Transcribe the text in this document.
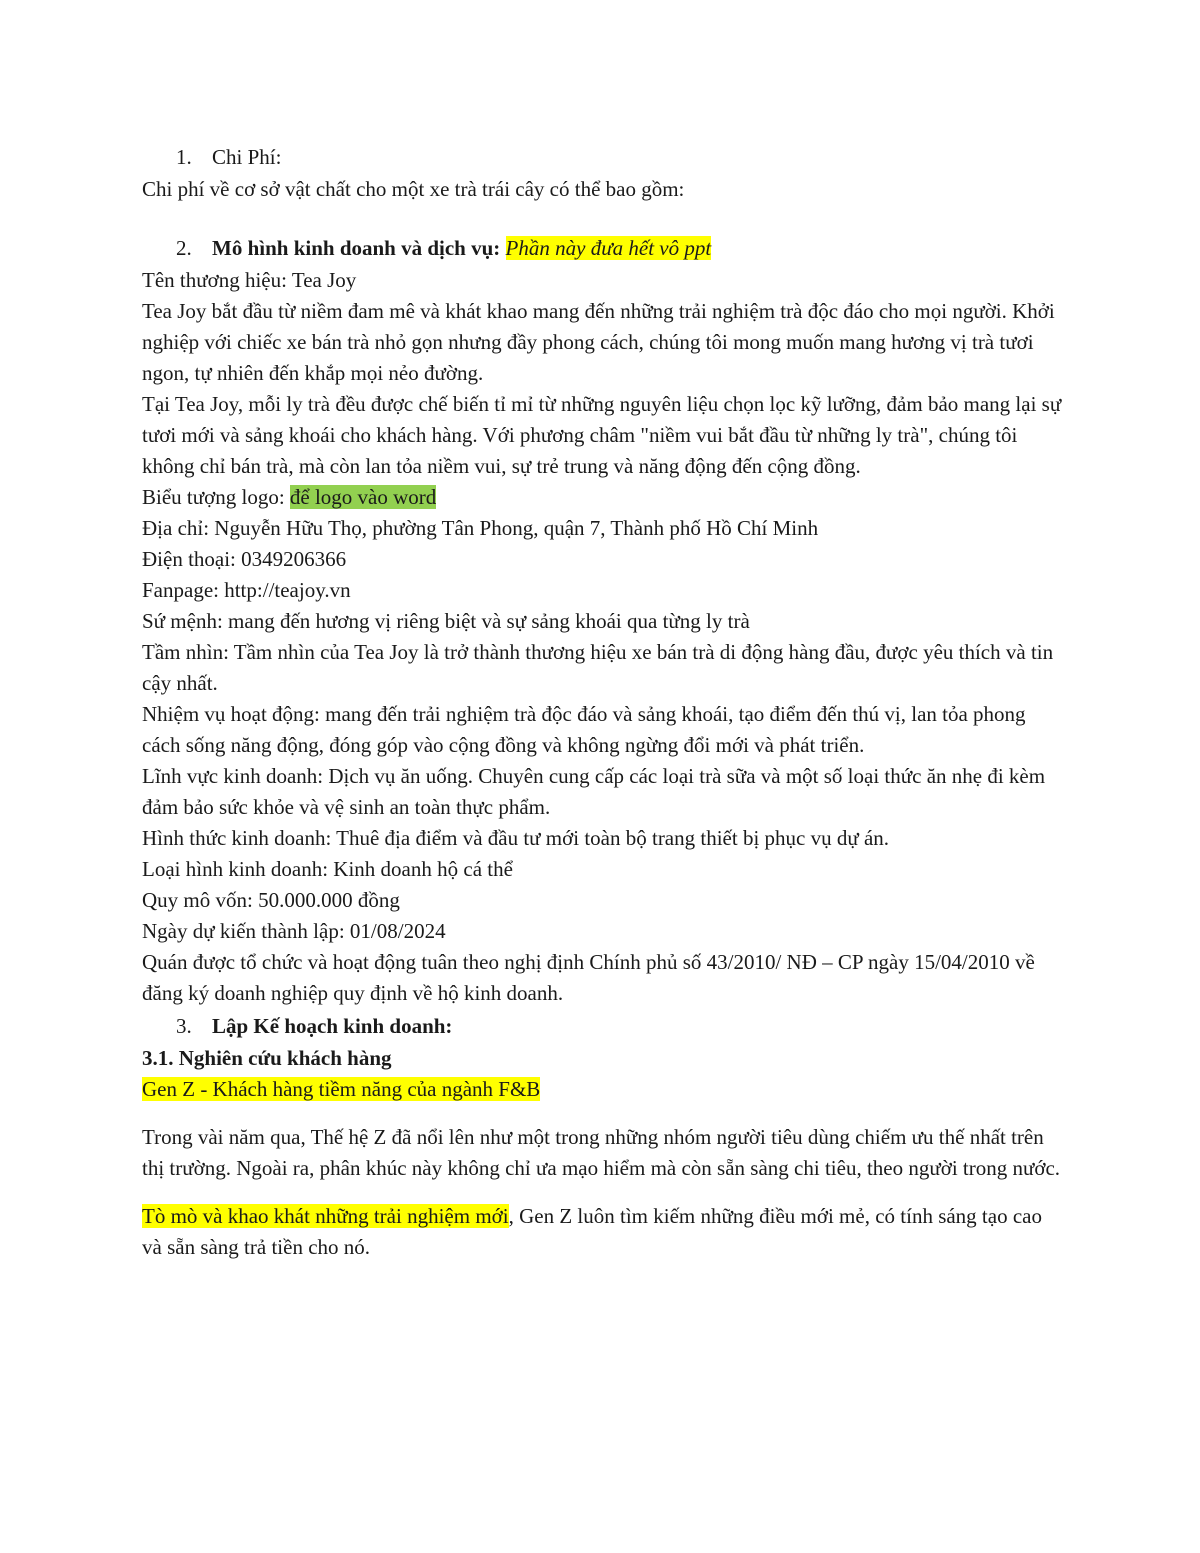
1. Chi Phí:
Chi phí về cơ sở vật chất cho một xe trà trái cây có thể bao gồm:
2. Mô hình kinh doanh và dịch vụ: Phần này đưa hết vô ppt
Tên thương hiệu: Tea Joy
Tea Joy bắt đầu từ niềm đam mê và khát khao mang đến những trải nghiệm trà độc đáo cho mọi người. Khởi nghiệp với chiếc xe bán trà nhỏ gọn nhưng đầy phong cách, chúng tôi mong muốn mang hương vị trà tươi ngon, tự nhiên đến khắp mọi nẻo đường.
Tại Tea Joy, mỗi ly trà đều được chế biến tỉ mỉ từ những nguyên liệu chọn lọc kỹ lưỡng, đảm bảo mang lại sự tươi mới và sảng khoái cho khách hàng. Với phương châm "niềm vui bắt đầu từ những ly trà", chúng tôi không chỉ bán trà, mà còn lan tỏa niềm vui, sự trẻ trung và năng động đến cộng đồng.
Biểu tượng logo: để logo vào word
Địa chỉ: Nguyễn Hữu Thọ, phường Tân Phong, quận 7, Thành phố Hồ Chí Minh
Điện thoại: 0349206366
Fanpage: http://teajoy.vn
Sứ mệnh: mang đến hương vị riêng biệt và sự sảng khoái qua từng ly trà
Tầm nhìn: Tầm nhìn của Tea Joy là trở thành thương hiệu xe bán trà di động hàng đầu, được yêu thích và tin cậy nhất.
Nhiệm vụ hoạt động: mang đến trải nghiệm trà độc đáo và sảng khoái, tạo điểm đến thú vị, lan tỏa phong cách sống năng động, đóng góp vào cộng đồng và không ngừng đổi mới và phát triển.
Lĩnh vực kinh doanh: Dịch vụ ăn uống. Chuyên cung cấp các loại trà sữa và một số loại thức ăn nhẹ đi kèm đảm bảo sức khỏe và vệ sinh an toàn thực phẩm.
Hình thức kinh doanh: Thuê địa điểm và đầu tư mới toàn bộ trang thiết bị phục vụ dự án.
Loại hình kinh doanh: Kinh doanh hộ cá thể
Quy mô vốn: 50.000.000 đồng
Ngày dự kiến thành lập: 01/08/2024
Quán được tổ chức và hoạt động tuân theo nghị định Chính phủ số 43/2010/ NĐ – CP ngày 15/04/2010 về đăng ký doanh nghiệp quy định về hộ kinh doanh.
3. Lập Kế hoạch kinh doanh:
3.1. Nghiên cứu khách hàng
Gen Z - Khách hàng tiềm năng của ngành F&B
Trong vài năm qua, Thế hệ Z đã nổi lên như một trong những nhóm người tiêu dùng chiếm ưu thế nhất trên thị trường. Ngoài ra, phân khúc này không chỉ ưa mạo hiểm mà còn sẵn sàng chi tiêu, theo người trong nước.
Tò mò và khao khát những trải nghiệm mới, Gen Z luôn tìm kiếm những điều mới mẻ, có tính sáng tạo cao và sẵn sàng trả tiền cho nó.
